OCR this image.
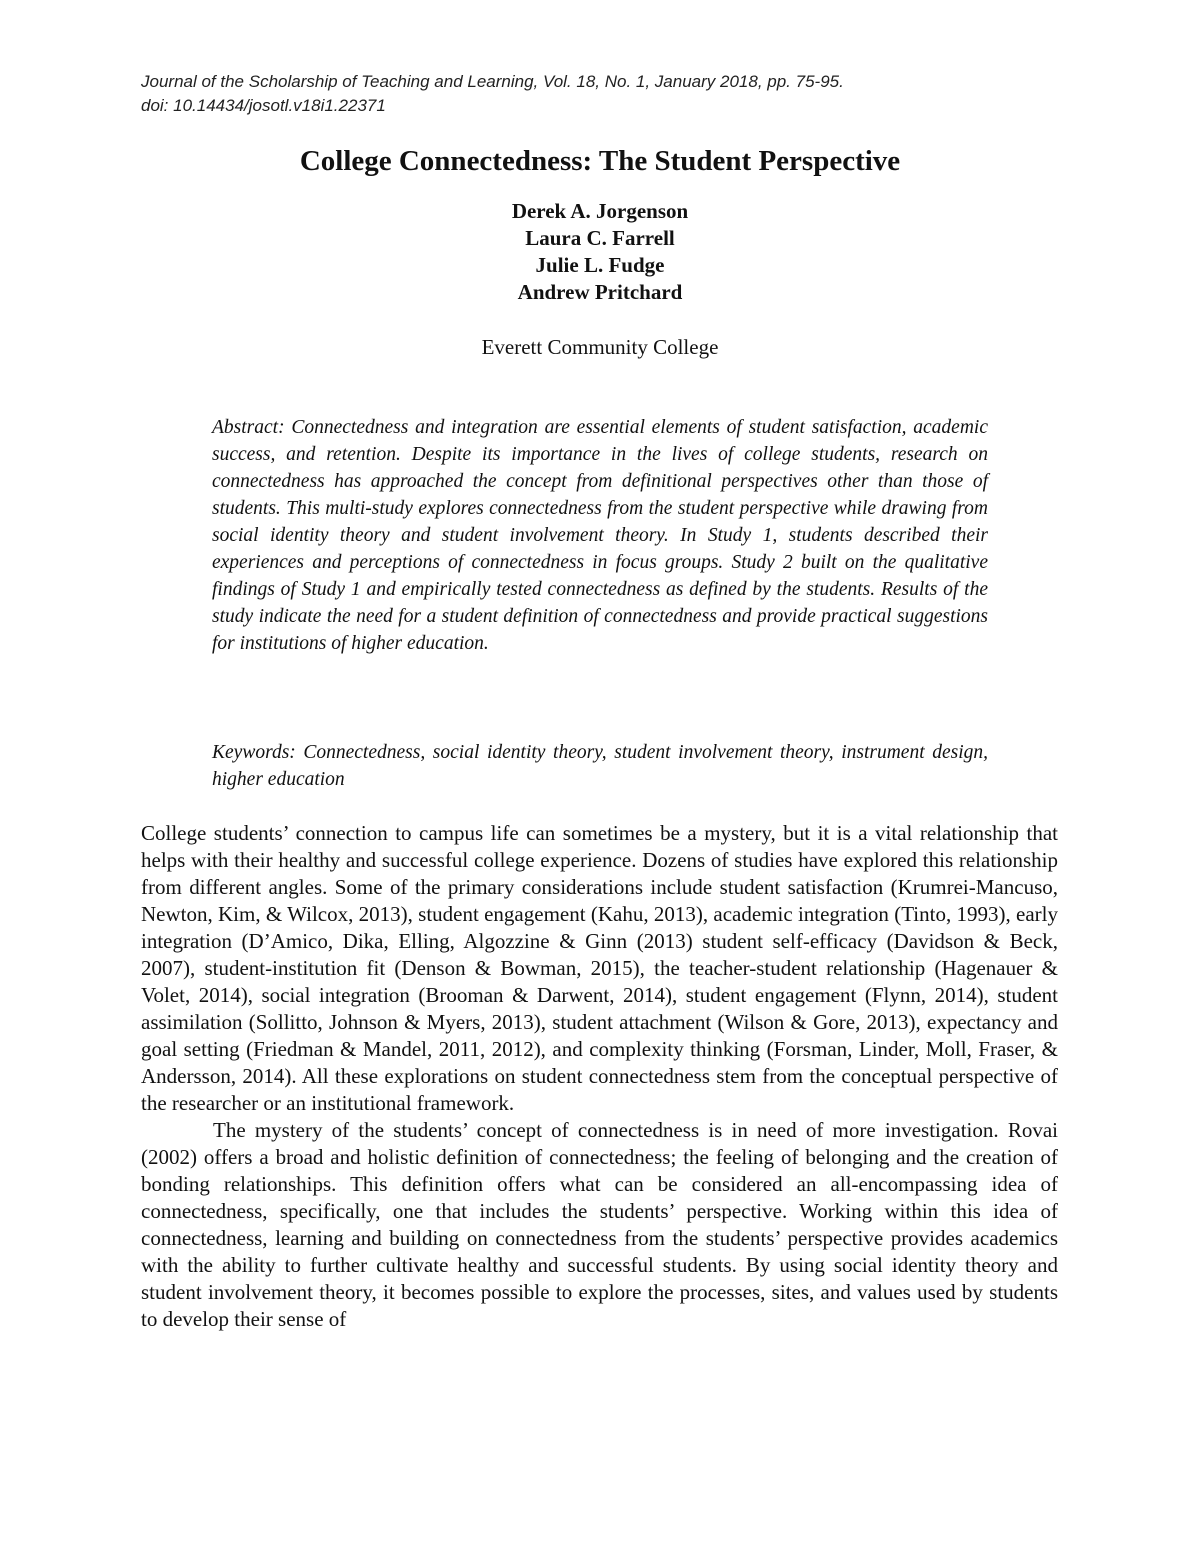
Journal of the Scholarship of Teaching and Learning, Vol. 18, No. 1, January 2018, pp. 75-95.
doi: 10.14434/josotl.v18i1.22371
College Connectedness: The Student Perspective
Derek A. Jorgenson
Laura C. Farrell
Julie L. Fudge
Andrew Pritchard
Everett Community College

Abstract: Connectedness and integration are essential elements of student satisfaction, academic success, and retention. Despite its importance in the lives of college students, research on connectedness has approached the concept from definitional perspectives other than those of students. This multi-study explores connectedness from the student perspective while drawing from social identity theory and student involvement theory. In Study 1, students described their experiences and perceptions of connectedness in focus groups. Study 2 built on the qualitative findings of Study 1 and empirically tested connectedness as defined by the students. Results of the study indicate the need for a student definition of connectedness and provide practical suggestions for institutions of higher education.

Keywords: Connectedness, social identity theory, student involvement theory, instrument design, higher education

College students’ connection to campus life can sometimes be a mystery, but it is a vital relationship that helps with their healthy and successful college experience. Dozens of studies have explored this relationship from different angles. Some of the primary considerations include student satisfaction (Krumrei-Mancuso, Newton, Kim, & Wilcox, 2013), student engagement (Kahu, 2013), academic integration (Tinto, 1993), early integration (D’Amico, Dika, Elling, Algozzine & Ginn (2013) student self-efficacy (Davidson & Beck, 2007), student-institution fit (Denson & Bowman, 2015), the teacher-student relationship (Hagenauer & Volet, 2014), social integration (Brooman & Darwent, 2014), student engagement (Flynn, 2014), student assimilation (Sollitto, Johnson & Myers, 2013), student attachment (Wilson & Gore, 2013), expectancy and goal setting (Friedman & Mandel, 2011, 2012), and complexity thinking (Forsman, Linder, Moll, Fraser, & Andersson, 2014). All these explorations on student connectedness stem from the conceptual perspective of the researcher or an institutional framework.

The mystery of the students’ concept of connectedness is in need of more investigation. Rovai (2002) offers a broad and holistic definition of connectedness; the feeling of belonging and the creation of bonding relationships. This definition offers what can be considered an all-encompassing idea of connectedness, specifically, one that includes the students’ perspective. Working within this idea of connectedness, learning and building on connectedness from the students’ perspective provides academics with the ability to further cultivate healthy and successful students. By using social identity theory and student involvement theory, it becomes possible to explore the processes, sites, and values used by students to develop their sense of
